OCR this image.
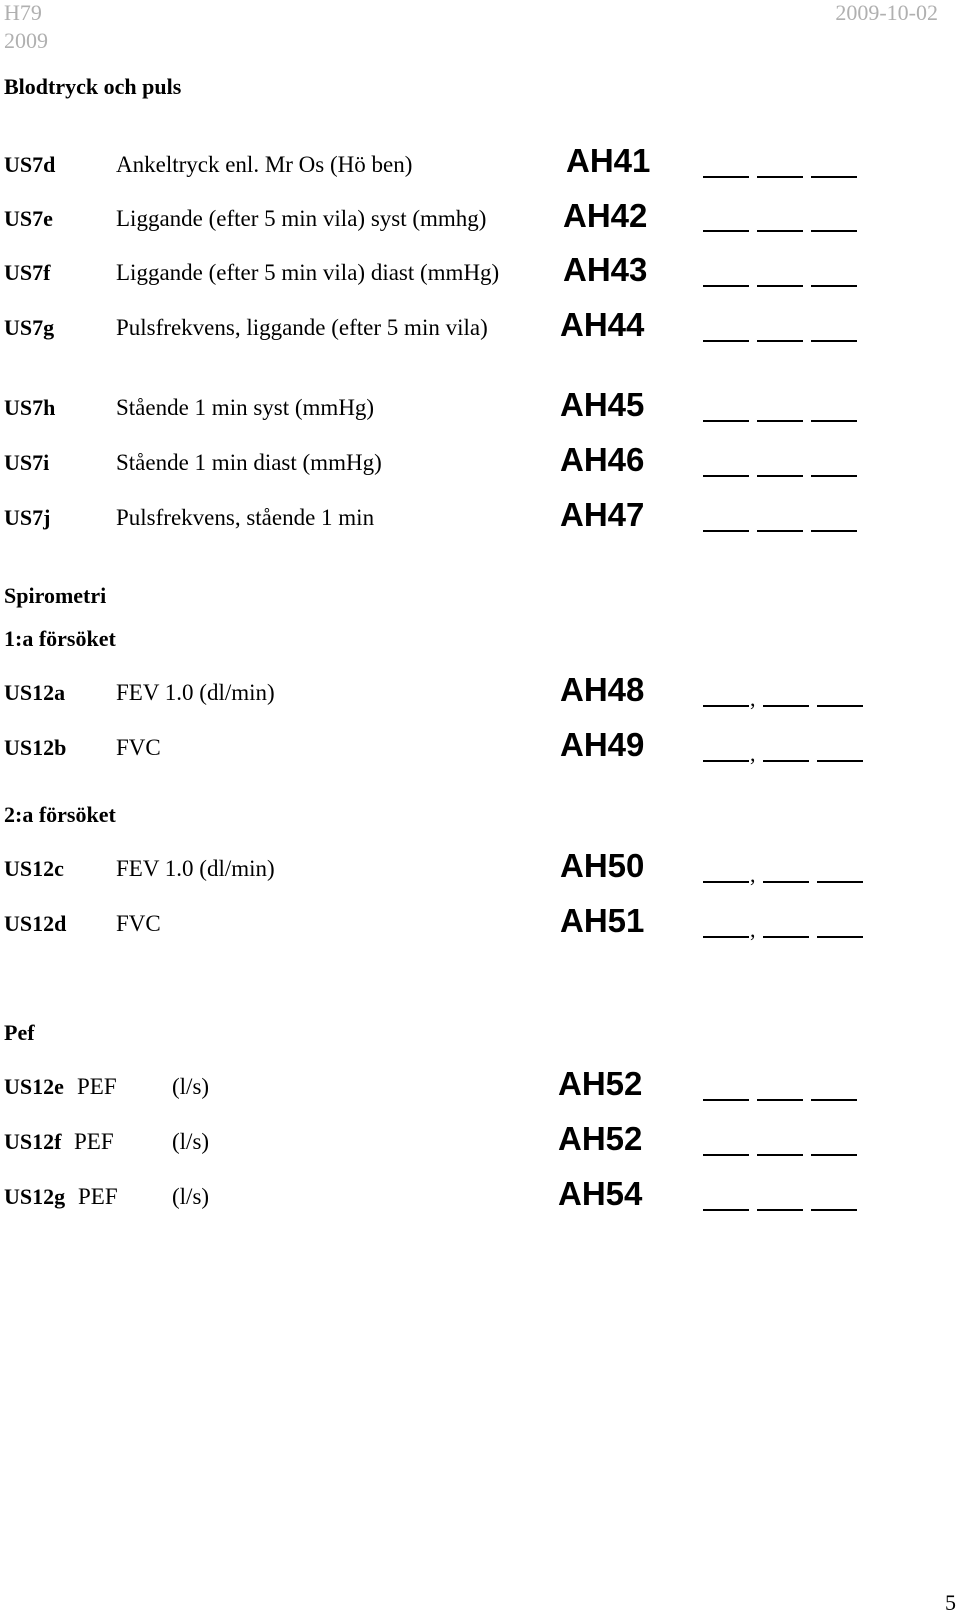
H79
2009
2009-10-02
Blodtryck och puls
US7d	Ankeltryck enl. Mr Os (Hö ben)	AH41
US7e	Liggande (efter 5 min vila) syst (mmhg) AH42
US7f	Liggande (efter 5 min vila) diast (mmHg) AH43
US7g	Pulsfrekvens, liggande (efter 5 min vila) AH44
US7h	Stående 1 min syst (mmHg)	AH45
US7i	Stående 1 min diast (mmHg)	AH46
US7j	Pulsfrekvens, stående 1 min	AH47
Spirometri
1:a försöket
US12a FEV 1.0 (dl/min)	AH48	,
US12b FVC	AH49	,
2:a försöket
US12c FEV 1.0 (dl/min)	AH50	,
US12d FVC	AH51	,
Pef
US12e PEF (l/s)	AH52
US12f PEF	(l/s)	AH52
US12g PEF (l/s)	AH54
5
